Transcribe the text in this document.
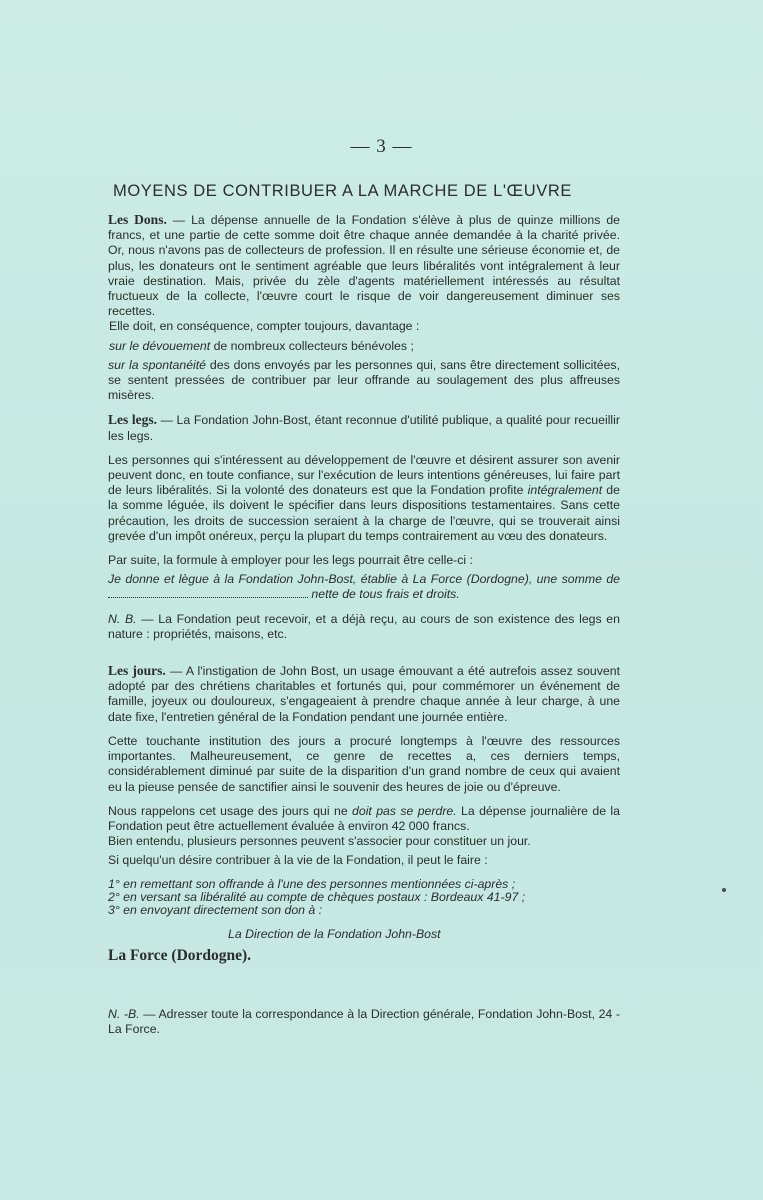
— 3 —
MOYENS DE CONTRIBUER A LA MARCHE DE L'ŒUVRE

Les Dons. — La dépense annuelle de la Fondation s'élève à plus de quinze millions de francs, et une partie de cette somme doit être chaque année demandée à la charité privée. Or, nous n'avons pas de collecteurs de profession. Il en résulte une sérieuse économie et, de plus, les donateurs ont le sentiment agréable que leurs libéralités vont intégralement à leur vraie destination. Mais, privée du zèle d'agents matériellement intéressés au résultat fructueux de la collecte, l'œuvre court le risque de voir dangereusement diminuer ses recettes.

Elle doit, en conséquence, compter toujours, davantage :

sur le dévouement de nombreux collecteurs bénévoles ;

sur la spontanéité des dons envoyés par les personnes qui, sans être directement sollicitées, se sentent pressées de contribuer par leur offrande au soulagement des plus affreuses misères.

Les legs. — La Fondation John-Bost, étant reconnue d'utilité publique, a qualité pour recueillir les legs.

Les personnes qui s'intéressent au développement de l'œuvre et désirent assurer son avenir peuvent donc, en toute confiance, sur l'exécution de leurs intentions généreuses, lui faire part de leurs libéralités. Si la volonté des donateurs est que la Fondation profite intégralement de la somme léguée, ils doivent le spécifier dans leurs dispositions testamentaires. Sans cette précaution, les droits de succession seraient à la charge de l'œuvre, qui se trouverait ainsi grevée d'un impôt onéreux, perçu la plupart du temps contrairement au vœu des donateurs.

Par suite, la formule à employer pour les legs pourrait être celle-ci :

Je donne et lègue à la Fondation John-Bost, établie à La Force (Dordogne), une somme de  nette de tous frais et droits.

N. B. — La Fondation peut recevoir, et a déjà reçu, au cours de son existence des legs en nature : propriétés, maisons, etc.

Les jours. — A l'instigation de John Bost, un usage émouvant a été autrefois assez souvent adopté par des chrétiens charitables et fortunés qui, pour commémorer un événement de famille, joyeux ou douloureux, s'engageaient à prendre chaque année à leur charge, à une date fixe, l'entretien général de la Fondation pendant une journée entière.

Cette touchante institution des jours a procuré longtemps à l'œuvre des ressources importantes. Malheureusement, ce genre de recettes a, ces derniers temps, considérablement diminué par suite de la disparition d'un grand nombre de ceux qui avaient eu la pieuse pensée de sanctifier ainsi le souvenir des heures de joie ou d'épreuve.

Nous rappelons cet usage des jours qui ne doit pas se perdre. La dépense journalière de la Fondation peut être actuellement évaluée à environ 42 000 francs.

Bien entendu, plusieurs personnes peuvent s'associer pour constituer un jour.

Si quelqu'un désire contribuer à la vie de la Fondation, il peut le faire :

1° en remettant son offrande à l'une des personnes mentionnées ci-après ;

2° en versant sa libéralité au compte de chèques postaux : Bordeaux 41-97 ;

3° en envoyant directement son don à :

La Direction de la Fondation John-Bost

La Force (Dordogne).

N. -B. — Adresser toute la correspondance à la Direction générale, Fondation John-Bost, 24 - La Force.
